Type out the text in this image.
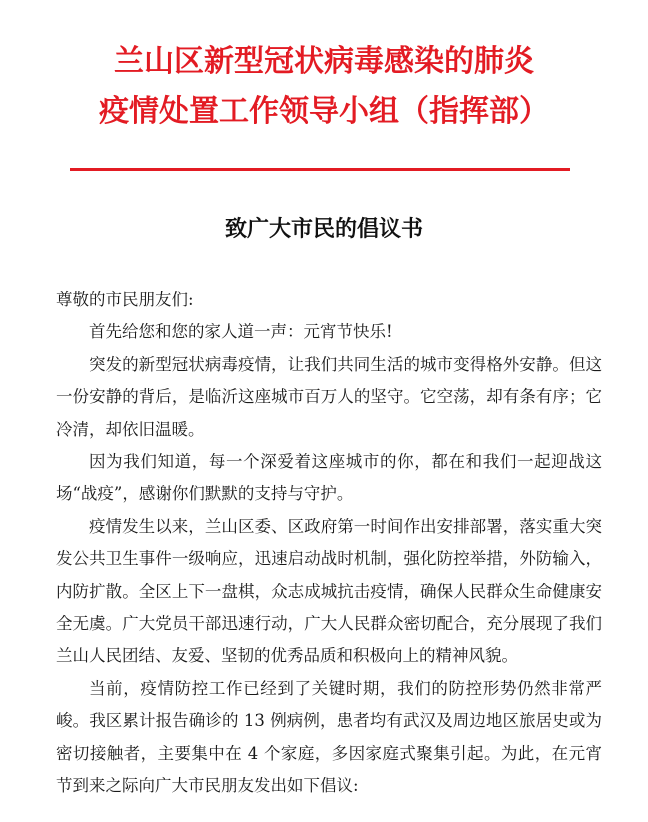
兰山区新型冠状病毒感染的肺炎
疫情处置工作领导小组（指挥部）
致广大市民的倡议书

尊敬的市民朋友们:

首先给您和您的家人道一声：元宵节快乐!

突发的新型冠状病毒疫情，让我们共同生活的城市变得格外安静。但这一份安静的背后，是临沂这座城市百万人的坚守。它空荡，却有条有序；它冷清，却依旧温暖。

因为我们知道，每一个深爱着这座城市的你，都在和我们一起迎战这场“战疫”，感谢你们默默的支持与守护。

疫情发生以来，兰山区委、区政府第一时间作出安排部署，落实重大突发公共卫生事件一级响应，迅速启动战时机制，强化防控举措，外防输入，内防扩散。全区上下一盘棋，众志成城抗击疫情，确保人民群众生命健康安全无虞。广大党员干部迅速行动，广大人民群众密切配合，充分展现了我们兰山人民团结、友爱、坚韧的优秀品质和积极向上的精神风貌。

当前，疫情防控工作已经到了关键时期，我们的防控形势仍然非常严峻。我区累计报告确诊的 13 例病例，患者均有武汉及周边地区旅居史或为密切接触者，主要集中在 4 个家庭，多因家庭式聚集引起。为此，在元宵节到来之际向广大市民朋友发出如下倡议:
